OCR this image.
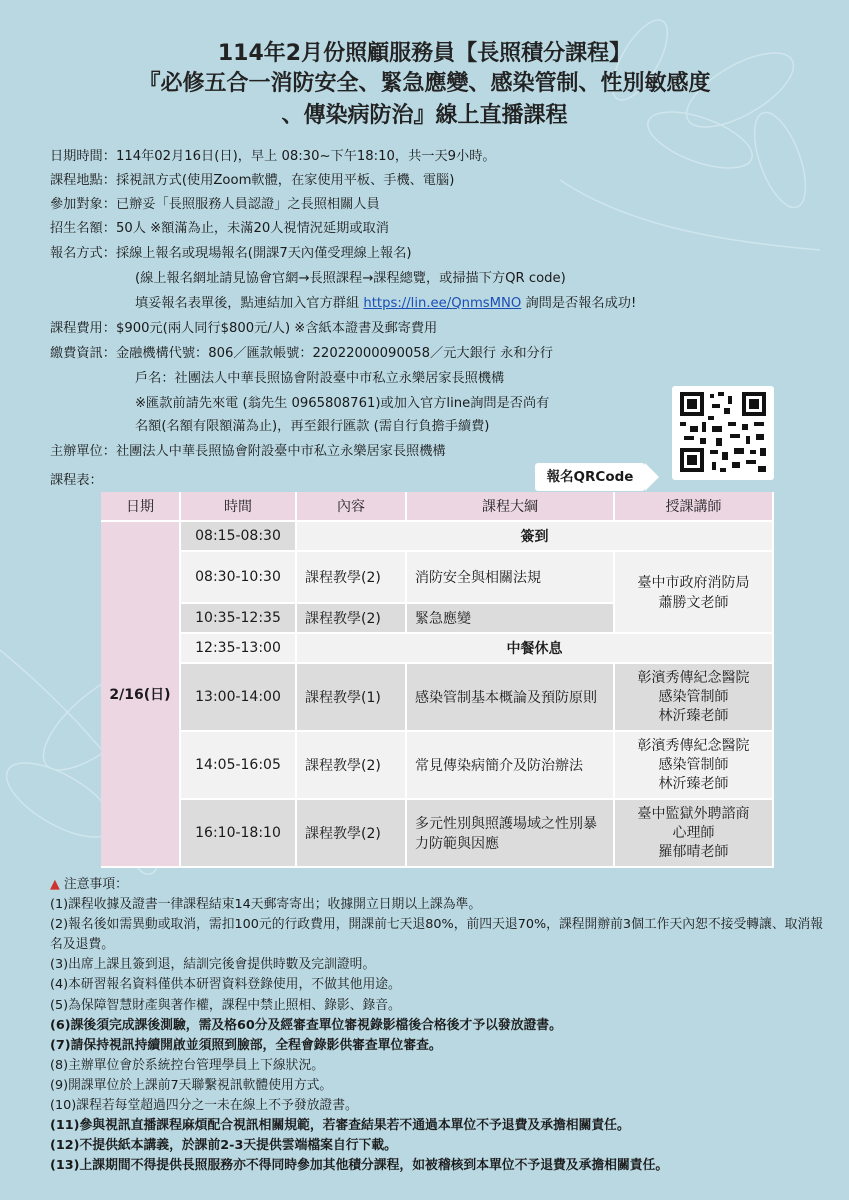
114年2月份照顧服務員【長照積分課程】
『必修五合一消防安全、緊急應變、感染管制、性別敏感度
、傳染病防治』線上直播課程
日期時間：114年02月16日(日)，早上 08:30~下午18:10，共一天9小時。
課程地點：採視訊方式(使用Zoom軟體，在家使用平板、手機、電腦)
參加對象：已辦妥「長照服務人員認證」之長照相關人員
招生名額：50人 ※額滿為止，未滿20人視情況延期或取消
報名方式：採線上報名或現場報名(開課7天內僅受理線上報名)
(線上報名網址請見協會官網→長照課程→課程總覽，或掃描下方QR code)
填妥報名表單後，點連結加入官方群組 https://lin.ee/QnmsMNO 詢問是否報名成功!
課程費用：$900元(兩人同行$800元/人) ※含紙本證書及郵寄費用
繳費資訊：金融機構代號：806／匯款帳號：22022000090058／元大銀行 永和分行
戶名：社團法人中華長照協會附設臺中市私立永樂居家長照機構
※匯款前請先來電 (翁先生 0965808761)或加入官方line詢問是否尚有
名額(名額有限額滿為止)，再至銀行匯款 (需自行負擔手續費)
主辦單位：社團法人中華長照協會附設臺中市私立永樂居家長照機構
課程表：	報名QRCode
日期	時間	內容	課程大綱	授課講師
2/16(日)	08:15-08:30	簽到		
	08:30-10:30	課程教學(2)	消防安全與相關法規	臺中市政府消防局
蕭勝文老師
	10:35-12:35	課程教學(2)	緊急應變	
	12:35-13:00	中餐休息		
	13:00-14:00	課程教學(1)	感染管制基本概論及預防原則	彰濱秀傳紀念醫院
感染管制師
林沂臻老師
	14:05-16:05	課程教學(2)	常見傳染病簡介及防治辦法	彰濱秀傳紀念醫院
感染管制師
林沂臻老師
	16:10-18:10	課程教學(2)	多元性別與照護場域之性別暴力防範與因應	臺中監獄外聘諮商
心理師
羅郁晴老師

▲ 注意事項：

(1)課程收據及證書一律課程結束14天郵寄寄出；收據開立日期以上課為準。

(2)報名後如需異動或取消，需扣100元的行政費用，開課前七天退80%，前四天退70%，課程開辦前3個工作天內恕不接受轉讓、取消報名及退費。

(3)出席上課且簽到退，結訓完後會提供時數及完訓證明。

(4)本研習報名資料僅供本研習資料登錄使用，不做其他用途。

(5)為保障智慧財產與著作權，課程中禁止照相、錄影、錄音。

(6)課後須完成課後測驗，需及格60分及經審查單位審視錄影檔後合格後才予以發放證書。

(7)請保持視訊持續開啟並須照到臉部，全程會錄影供審查單位審查。

(8)主辦單位會於系統控台管理學員上下線狀況。

(9)開課單位於上課前7天聯繫視訊軟體使用方式。

(10)課程若每堂超過四分之一未在線上不予發放證書。

(11)參與視訊直播課程麻煩配合視訊相關規範，若審查結果若不通過本單位不予退費及承擔相關責任。

(12)不提供紙本講義，於課前2-3天提供雲端檔案自行下載。

(13)上課期間不得提供長照服務亦不得同時參加其他積分課程，如被稽核到本單位不予退費及承擔相關責任。
